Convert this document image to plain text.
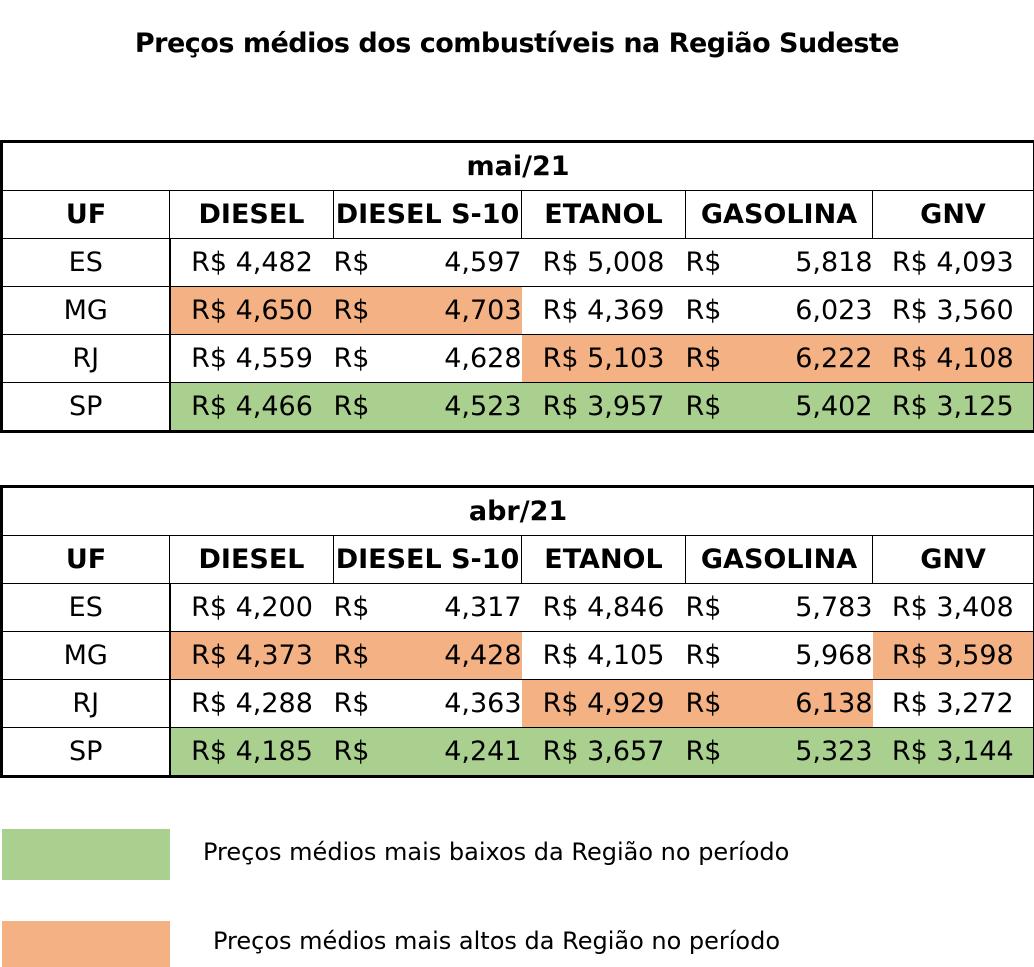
Preços médios dos combustíveis na Região Sudeste
mai/21					
UF	DIESEL	DIESEL S-10	ETANOL	GASOLINA	GNV
ES	R$ 4,482	R$ 4,597	R$ 5,008	R$ 5,818	R$ 4,093
MG	R$ 4,650	R$ 4,703	R$ 4,369	R$ 6,023	R$ 3,560
RJ	R$ 4,559	R$ 4,628	R$ 5,103	R$ 6,222	R$ 4,108
SP	R$ 4,466	R$ 4,523	R$ 3,957	R$ 5,402	R$ 3,125
abr/21					
UF	DIESEL	DIESEL S-10	ETANOL	GASOLINA	GNV
ES	R$ 4,200	R$ 4,317	R$ 4,846	R$ 5,783	R$ 3,408
MG	R$ 4,373	R$ 4,428	R$ 4,105	R$ 5,968	R$ 3,598
RJ	R$ 4,288	R$ 4,363	R$ 4,929	R$ 6,138	R$ 3,272
SP	R$ 4,185	R$ 4,241	R$ 3,657	R$ 5,323	R$ 3,144
Preços médios mais baixos da Região no período
Preços médios mais altos da Região no período
